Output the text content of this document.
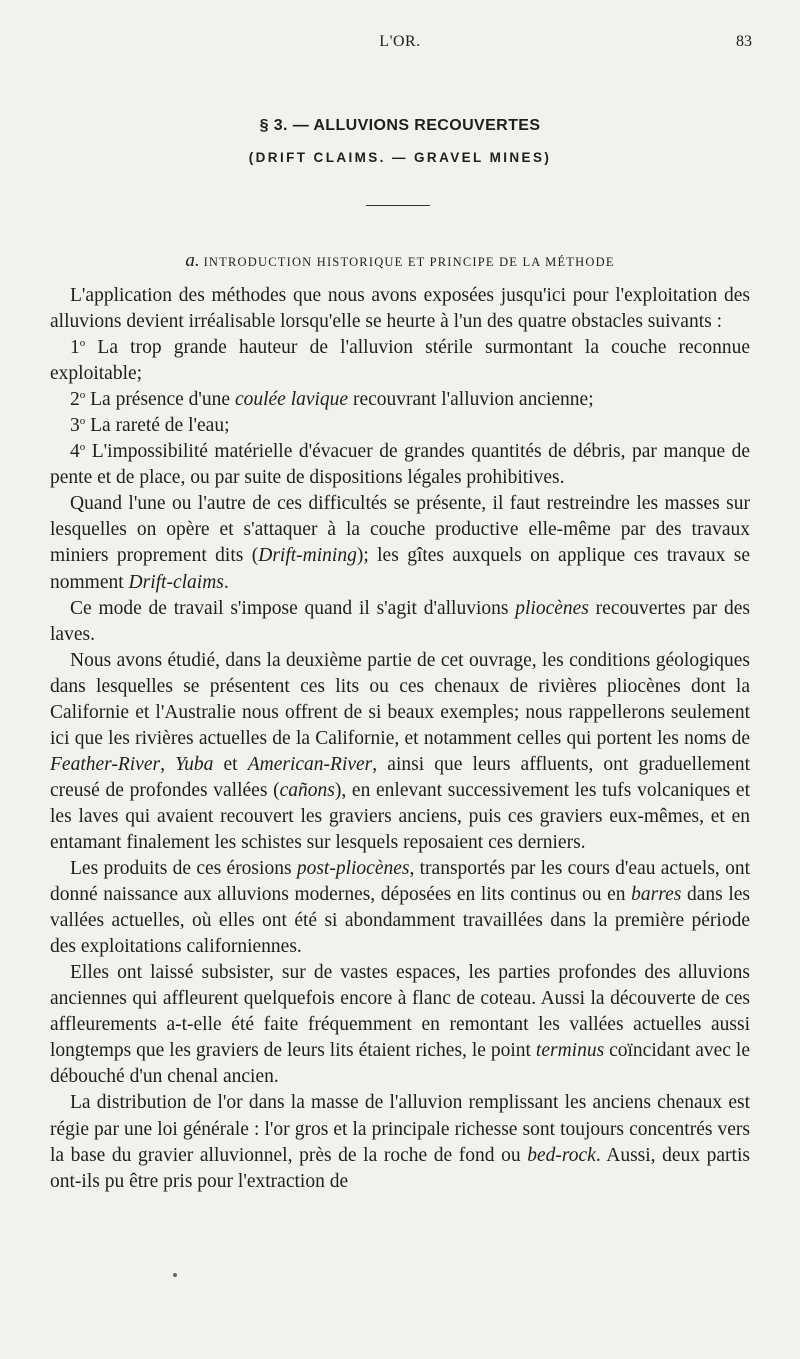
L'OR.	83
§ 3. — ALLUVIONS RECOUVERTES
(DRIFT CLAIMS. — GRAVEL MINES)
a. INTRODUCTION HISTORIQUE ET PRINCIPE DE LA MÉTHODE

L'application des méthodes que nous avons exposées jusqu'ici pour l'exploitation des alluvions devient irréalisable lorsqu'elle se heurte à l'un des quatre obstacles suivants :

1$^o$ La trop grande hauteur de l'alluvion stérile surmontant la couche reconnue exploitable;

2$^o$ La présence d'une coulée lavique recouvrant l'alluvion ancienne;

3$^o$ La rareté de l'eau;

4$^o$ L'impossibilité matérielle d'évacuer de grandes quantités de débris, par manque de pente et de place, ou par suite de dispositions légales prohibitives.

Quand l'une ou l'autre de ces difficultés se présente, il faut restreindre les masses sur lesquelles on opère et s'attaquer à la couche productive elle-même par des travaux miniers proprement dits (Drift-mining); les gîtes auxquels on applique ces travaux se nomment Drift-claims.

Ce mode de travail s'impose quand il s'agit d'alluvions pliocènes recouvertes par des laves.

Nous avons étudié, dans la deuxième partie de cet ouvrage, les conditions géologiques dans lesquelles se présentent ces lits ou ces chenaux de rivières pliocènes dont la Californie et l'Australie nous offrent de si beaux exemples; nous rappellerons seulement ici que les rivières actuelles de la Californie, et notamment celles qui portent les noms de Feather-River, Yuba et American-River, ainsi que leurs affluents, ont graduellement creusé de profondes vallées (cañons), en enlevant successivement les tufs volcaniques et les laves qui avaient recouvert les graviers anciens, puis ces graviers eux-mêmes, et en entamant finalement les schistes sur lesquels reposaient ces derniers.

Les produits de ces érosions post-pliocènes, transportés par les cours d'eau actuels, ont donné naissance aux alluvions modernes, déposées en lits continus ou en barres dans les vallées actuelles, où elles ont été si abondamment travaillées dans la première période des exploitations californiennes.

Elles ont laissé subsister, sur de vastes espaces, les parties profondes des alluvions anciennes qui affleurent quelquefois encore à flanc de coteau. Aussi la découverte de ces affleurements a-t-elle été faite fréquemment en remontant les vallées actuelles aussi longtemps que les graviers de leurs lits étaient riches, le point terminus coïncidant avec le débouché d'un chenal ancien.

La distribution de l'or dans la masse de l'alluvion remplissant les anciens chenaux est régie par une loi générale : l'or gros et la principale richesse sont toujours concentrés vers la base du gravier alluvionnel, près de la roche de fond ou bed-rock. Aussi, deux partis ont-ils pu être pris pour l'extraction de
